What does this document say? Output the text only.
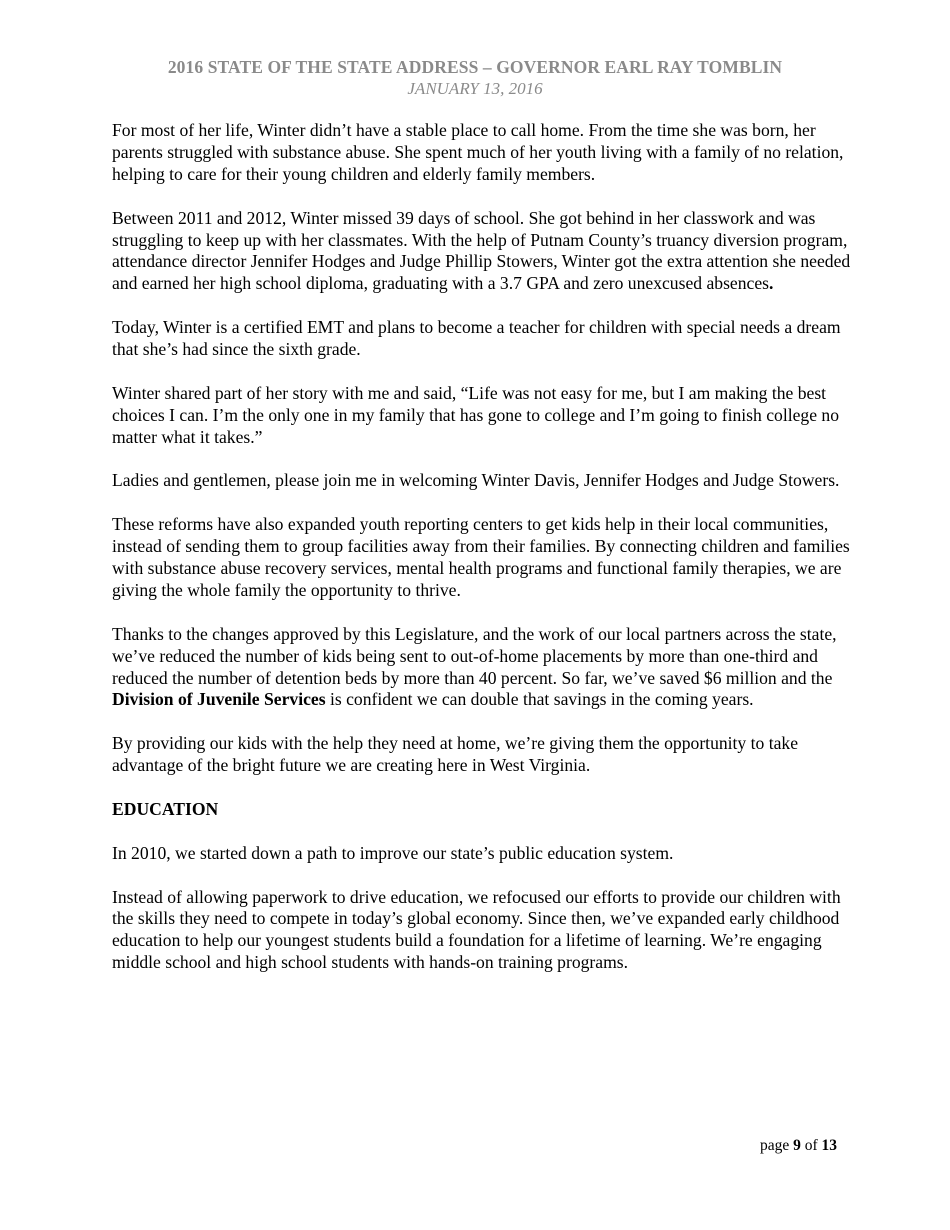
2016 STATE OF THE STATE ADDRESS – GOVERNOR EARL RAY TOMBLIN
JANUARY 13, 2016

For most of her life, Winter didn’t have a stable place to call home. From the time she was born, her parents struggled with substance abuse. She spent much of her youth living with a family of no relation, helping to care for their young children and elderly family members.

Between 2011 and 2012, Winter missed 39 days of school. She got behind in her classwork and was struggling to keep up with her classmates. With the help of Putnam County’s truancy diversion program, attendance director Jennifer Hodges and Judge Phillip Stowers, Winter got the extra attention she needed and earned her high school diploma, graduating with a 3.7 GPA and zero unexcused absences.

Today, Winter is a certified EMT and plans to become a teacher for children with special needs a dream that she’s had since the sixth grade.

Winter shared part of her story with me and said, “Life was not easy for me, but I am making the best choices I can. I’m the only one in my family that has gone to college and I’m going to finish college no matter what it takes.”

Ladies and gentlemen, please join me in welcoming Winter Davis, Jennifer Hodges and Judge Stowers.

These reforms have also expanded youth reporting centers to get kids help in their local communities, instead of sending them to group facilities away from their families. By connecting children and families with substance abuse recovery services, mental health programs and functional family therapies, we are giving the whole family the opportunity to thrive.

Thanks to the changes approved by this Legislature, and the work of our local partners across the state, we’ve reduced the number of kids being sent to out-of-home placements by more than one-third and reduced the number of detention beds by more than 40 percent. So far, we’ve saved $6 million and the Division of Juvenile Services is confident we can double that savings in the coming years.

By providing our kids with the help they need at home, we’re giving them the opportunity to take advantage of the bright future we are creating here in West Virginia.

EDUCATION

In 2010, we started down a path to improve our state’s public education system.

Instead of allowing paperwork to drive education, we refocused our efforts to provide our children with the skills they need to compete in today’s global economy. Since then, we’ve expanded early childhood education to help our youngest students build a foundation for a lifetime of learning. We’re engaging middle school and high school students with hands-on training programs.

page 9 of 13
